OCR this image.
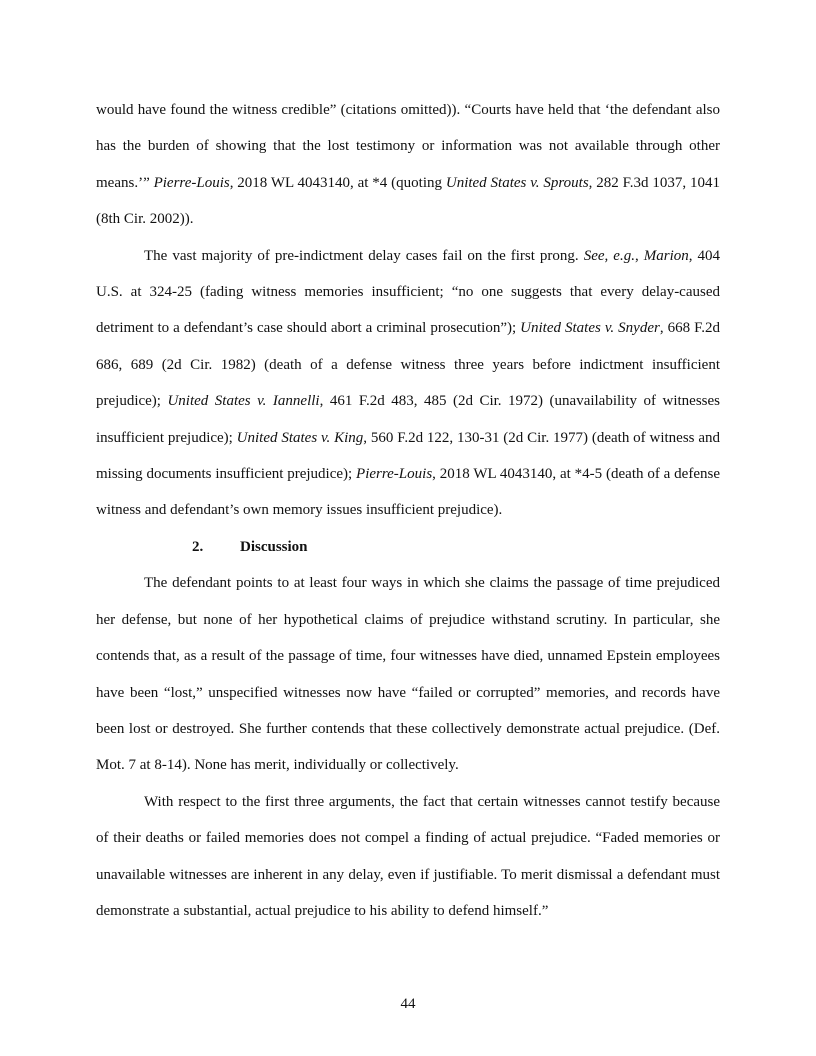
would have found the witness credible” (citations omitted)). “Courts have held that ‘the defendant also has the burden of showing that the lost testimony or information was not available through other means.’” Pierre-Louis, 2018 WL 4043140, at *4 (quoting United States v. Sprouts, 282 F.3d 1037, 1041 (8th Cir. 2002)).

The vast majority of pre-indictment delay cases fail on the first prong. See, e.g., Marion, 404 U.S. at 324-25 (fading witness memories insufficient; “no one suggests that every delay-caused detriment to a defendant’s case should abort a criminal prosecution”); United States v. Snyder, 668 F.2d 686, 689 (2d Cir. 1982) (death of a defense witness three years before indictment insufficient prejudice); United States v. Iannelli, 461 F.2d 483, 485 (2d Cir. 1972) (unavailability of witnesses insufficient prejudice); United States v. King, 560 F.2d 122, 130-31 (2d Cir. 1977) (death of witness and missing documents insufficient prejudice); Pierre-Louis, 2018 WL 4043140, at *4-5 (death of a defense witness and defendant’s own memory issues insufficient prejudice).

2. Discussion

The defendant points to at least four ways in which she claims the passage of time prejudiced her defense, but none of her hypothetical claims of prejudice withstand scrutiny. In particular, she contends that, as a result of the passage of time, four witnesses have died, unnamed Epstein employees have been “lost,” unspecified witnesses now have “failed or corrupted” memories, and records have been lost or destroyed. She further contends that these collectively demonstrate actual prejudice. (Def. Mot. 7 at 8-14). None has merit, individually or collectively.

With respect to the first three arguments, the fact that certain witnesses cannot testify because of their deaths or failed memories does not compel a finding of actual prejudice. “Faded memories or unavailable witnesses are inherent in any delay, even if justifiable. To merit dismissal a defendant must demonstrate a substantial, actual prejudice to his ability to defend himself.”

44
